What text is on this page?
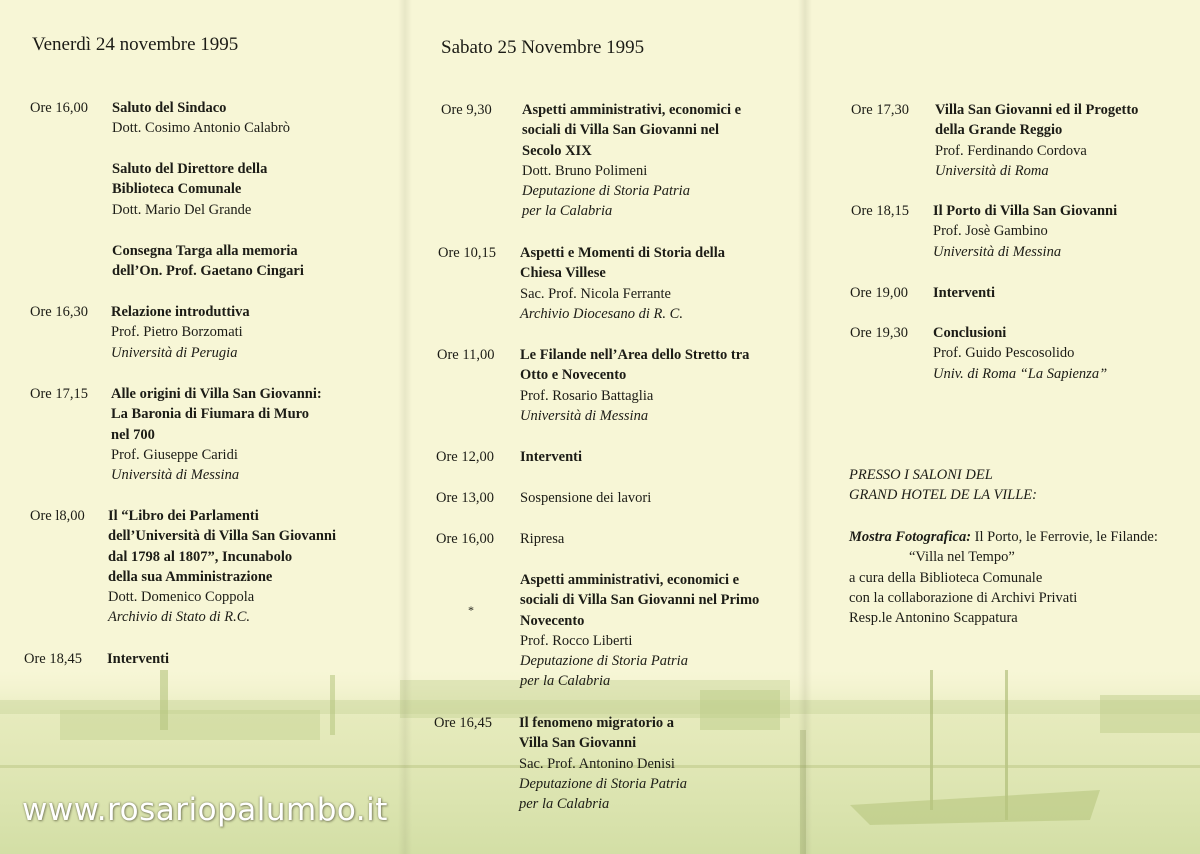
Venerdì 24 novembre 1995
Ore 16,00 Saluto del Sindaco
Dott. Cosimo Antonio Calabrò
Saluto del Direttore della
Biblioteca Comunale
Dott. Mario Del Grande
Consegna Targa alla memoria
dell’On. Prof. Gaetano Cingari
Ore 16,30 Relazione introduttiva
Prof. Pietro Borzomati
Università di Perugia
Ore 17,15 Alle origini di Villa San Giovanni:
La Baronia di Fiumara di Muro
nel 700
Prof. Giuseppe Caridi
Università di Messina
Ore l8,00 Il “Libro dei Parlamenti
dell’Università di Villa San Giovanni
dal 1798 al 1807”, Incunabolo
della sua Amministrazione
Dott. Domenico Coppola
Archivio di Stato di R.C.
Ore 18,45 Interventi
Sabato 25 Novembre 1995
Ore 9,30 Aspetti amministrativi, economici e
sociali di Villa San Giovanni nel
Secolo XIX
Dott. Bruno Polimeni
Deputazione di Storia Patria
per la Calabria
Ore 10,15 Aspetti e Momenti di Storia della
Chiesa Villese
Sac. Prof. Nicola Ferrante
Archivio Diocesano di R. C.
Ore 11,00 Le Filande nell’Area dello Stretto tra
Otto e Novecento
Prof. Rosario Battaglia
Università di Messina
Ore 12,00 Interventi
Ore 13,00 Sospensione dei lavori
Ore 16,00 Ripresa
Aspetti amministrativi, economici e
sociali di Villa San Giovanni nel Primo
Novecento
Prof. Rocco Liberti
Deputazione di Storia Patria
per la Calabria
Ore 16,45 Il fenomeno migratorio a
Villa San Giovanni
Sac. Prof. Antonino Denisi
Deputazione di Storia Patria
per la Calabria
*
Ore 17,30 Villa San Giovanni ed il Progetto
della Grande Reggio
Prof. Ferdinando Cordova
Università di Roma
Ore 18,15 Il Porto di Villa San Giovanni
Prof. Josè Gambino
Università di Messina
Ore 19,00 Interventi
Ore 19,30 Conclusioni
Prof. Guido Pescosolido
Univ. di Roma “La Sapienza”
PRESSO I SALONI DEL
GRAND HOTEL DE LA VILLE:
Mostra Fotografica: Il Porto, le Ferrovie, le Filande:
“Villa nel Tempo”
a cura della Biblioteca Comunale
con la collaborazione di Archivi Privati
Resp.le Antonino Scappatura
www.rosariopalumbo.it
